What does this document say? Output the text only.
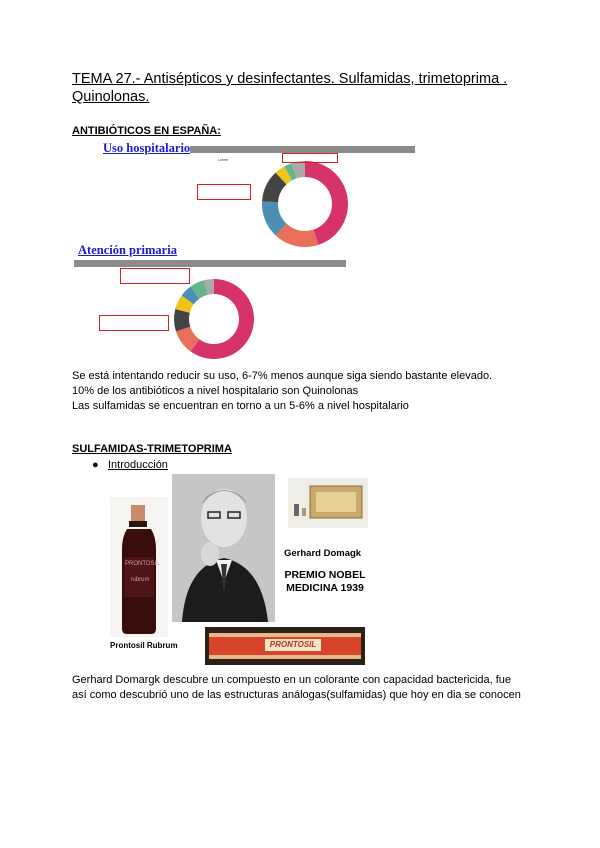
TEMA 27.- Antisépticos y desinfectantes. Sulfamidas, trimetoprima . Quinolonas.
ANTIBIÓTICOS EN ESPAÑA:
Uso hospitalario
Lorem
Atención primaria
Se está intentando reducir su uso, 6-7% menos aunque siga siendo bastante elevado.
10% de los antibióticos a nivel hospitalario son Quinolonas
Las sulfamidas se encuentran en torno a un 5-6% a nivel hospitalario
SULFAMIDAS-TRIMETOPRIMA
● Introducción
PRONTOSIL
rubrum
Prontosil Rubrum
Gerhard Domagk
PREMIO NOBEL
MEDICINA 1939
PRONTOSIL
Gerhard Domargk descubre un compuesto en un colorante con capacidad bactericida, fue
así como descubrió uno de las estructuras análogas(sulfamidas) que hoy en dia se conocen
